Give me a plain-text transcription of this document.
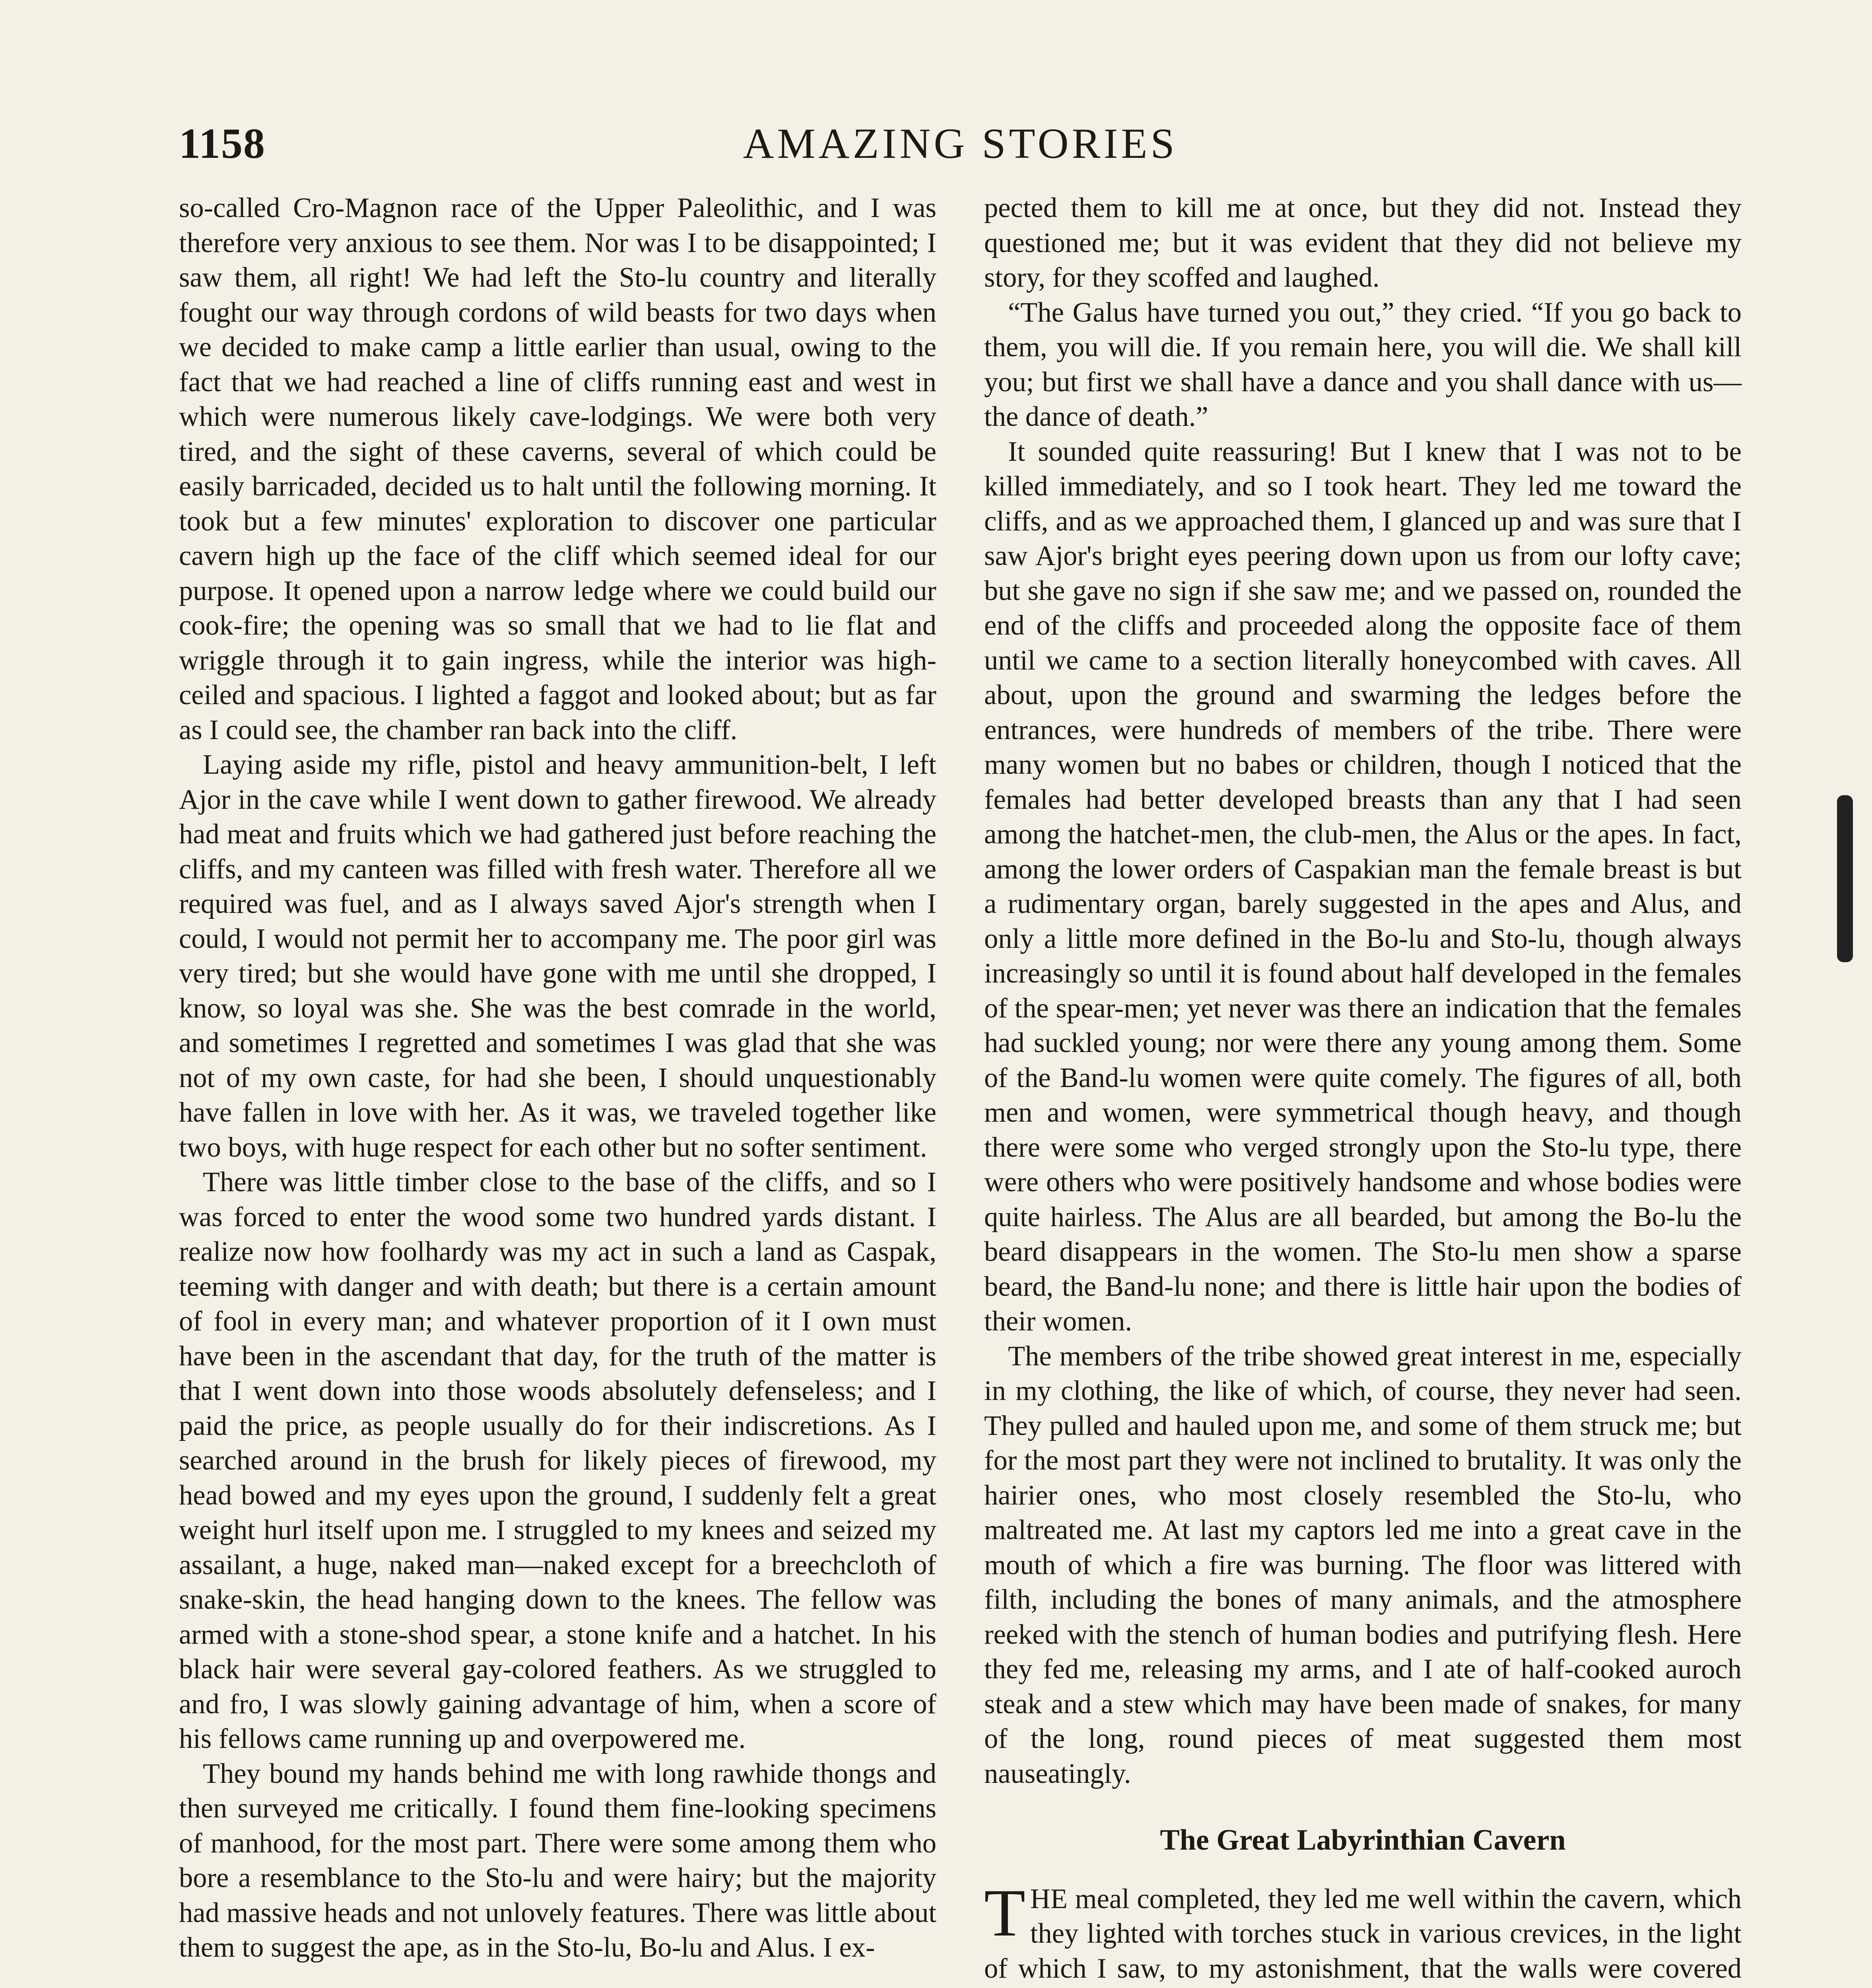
1158	AMAZING STORIES

so-called Cro-Magnon race of the Upper Paleolithic, and I was therefore very anxious to see them. Nor was I to be disappointed; I saw them, all right! We had left the Sto-lu country and literally fought our way through cordons of wild beasts for two days when we decided to make camp a little earlier than usual, owing to the fact that we had reached a line of cliffs running east and west in which were numerous likely cave-lodgings. We were both very tired, and the sight of these caverns, several of which could be easily barricaded, decided us to halt until the following morning. It took but a few minutes' exploration to discover one particular cavern high up the face of the cliff which seemed ideal for our purpose. It opened upon a narrow ledge where we could build our cook-fire; the opening was so small that we had to lie flat and wriggle through it to gain ingress, while the interior was high-ceiled and spacious. I lighted a faggot and looked about; but as far as I could see, the chamber ran back into the cliff.

Laying aside my rifle, pistol and heavy ammunition-belt, I left Ajor in the cave while I went down to gather firewood. We already had meat and fruits which we had gathered just before reaching the cliffs, and my canteen was filled with fresh water. Therefore all we required was fuel, and as I always saved Ajor's strength when I could, I would not permit her to accompany me. The poor girl was very tired; but she would have gone with me until she dropped, I know, so loyal was she. She was the best comrade in the world, and sometimes I regretted and sometimes I was glad that she was not of my own caste, for had she been, I should unquestionably have fallen in love with her. As it was, we traveled together like two boys, with huge respect for each other but no softer sentiment.

There was little timber close to the base of the cliffs, and so I was forced to enter the wood some two hundred yards distant. I realize now how foolhardy was my act in such a land as Caspak, teeming with danger and with death; but there is a certain amount of fool in every man; and whatever proportion of it I own must have been in the ascendant that day, for the truth of the matter is that I went down into those woods absolutely defenseless; and I paid the price, as people usually do for their indiscretions. As I searched around in the brush for likely pieces of firewood, my head bowed and my eyes upon the ground, I suddenly felt a great weight hurl itself upon me. I struggled to my knees and seized my assailant, a huge, naked man—naked except for a breechcloth of snake-skin, the head hanging down to the knees. The fellow was armed with a stone-shod spear, a stone knife and a hatchet. In his black hair were several gay-colored feathers. As we struggled to and fro, I was slowly gaining advantage of him, when a score of his fellows came running up and overpowered me.

They bound my hands behind me with long rawhide thongs and then surveyed me critically. I found them fine-looking specimens of manhood, for the most part. There were some among them who bore a resemblance to the Sto-lu and were hairy; but the majority had massive heads and not unlovely features. There was little about them to suggest the ape, as in the Sto-lu, Bo-lu and Alus. I ex-

pected them to kill me at once, but they did not. Instead they questioned me; but it was evident that they did not believe my story, for they scoffed and laughed.

“The Galus have turned you out,” they cried. “If you go back to them, you will die. If you remain here, you will die. We shall kill you; but first we shall have a dance and you shall dance with us—the dance of death.”

It sounded quite reassuring! But I knew that I was not to be killed immediately, and so I took heart. They led me toward the cliffs, and as we approached them, I glanced up and was sure that I saw Ajor's bright eyes peering down upon us from our lofty cave; but she gave no sign if she saw me; and we passed on, rounded the end of the cliffs and proceeded along the opposite face of them until we came to a section literally honeycombed with caves. All about, upon the ground and swarming the ledges before the entrances, were hundreds of members of the tribe. There were many women but no babes or children, though I noticed that the females had better developed breasts than any that I had seen among the hatchet-men, the club-men, the Alus or the apes. In fact, among the lower orders of Caspakian man the female breast is but a rudimentary organ, barely suggested in the apes and Alus, and only a little more defined in the Bo-lu and Sto-lu, though always increasingly so until it is found about half developed in the females of the spear-men; yet never was there an indication that the females had suckled young; nor were there any young among them. Some of the Band-lu women were quite comely. The figures of all, both men and women, were symmetrical though heavy, and though there were some who verged strongly upon the Sto-lu type, there were others who were positively handsome and whose bodies were quite hairless. The Alus are all bearded, but among the Bo-lu the beard disappears in the women. The Sto-lu men show a sparse beard, the Band-lu none; and there is little hair upon the bodies of their women.

The members of the tribe showed great interest in me, especially in my clothing, the like of which, of course, they never had seen. They pulled and hauled upon me, and some of them struck me; but for the most part they were not inclined to brutality. It was only the hairier ones, who most closely resembled the Sto-lu, who maltreated me. At last my captors led me into a great cave in the mouth of which a fire was burning. The floor was littered with filth, including the bones of many animals, and the atmosphere reeked with the stench of human bodies and putrifying flesh. Here they fed me, releasing my arms, and I ate of half-cooked auroch steak and a stew which may have been made of snakes, for many of the long, round pieces of meat suggested them most nauseatingly.

The Great Labyrinthian Cavern

THE meal completed, they led me well within the cavern, which they lighted with torches stuck in various crevices, in the light of which I saw, to my astonishment, that the walls were covered
